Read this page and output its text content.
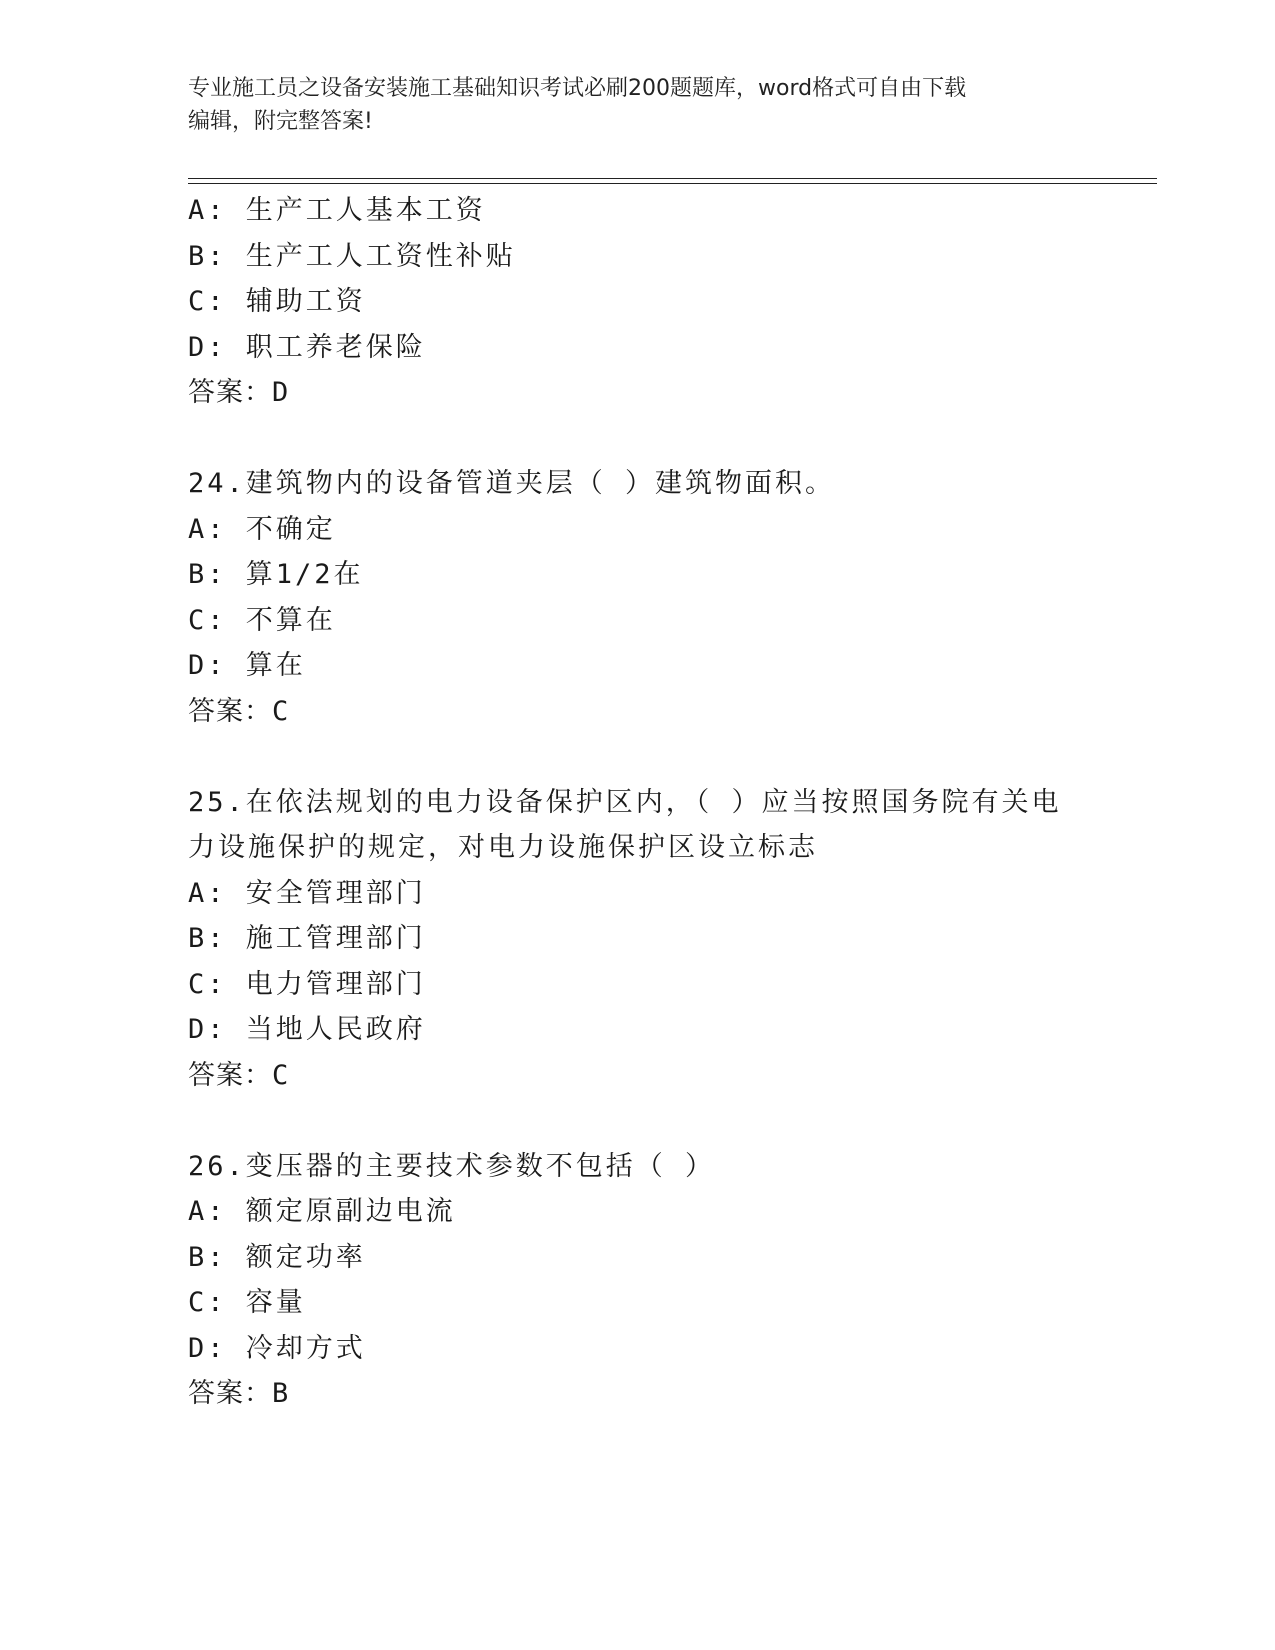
专业施工员之设备安装施工基础知识考试必刷200题题库，word格式可自由下载
编辑，附完整答案!
A: 生产工人基本工资
B: 生产工人工资性补贴
C: 辅助工资
D: 职工养老保险
答案：D
24.建筑物内的设备管道夹层（ ）建筑物面积。
A: 不确定
B: 算1/2在
C: 不算在
D: 算在
答案：C
25.在依法规划的电力设备保护区内，（ ）应当按照国务院有关电力设施保护的规定，对电力设施保护区设立标志
A: 安全管理部门
B: 施工管理部门
C: 电力管理部门
D: 当地人民政府
答案：C
26.变压器的主要技术参数不包括（ ）
A: 额定原副边电流
B: 额定功率
C: 容量
D: 冷却方式
答案：B
